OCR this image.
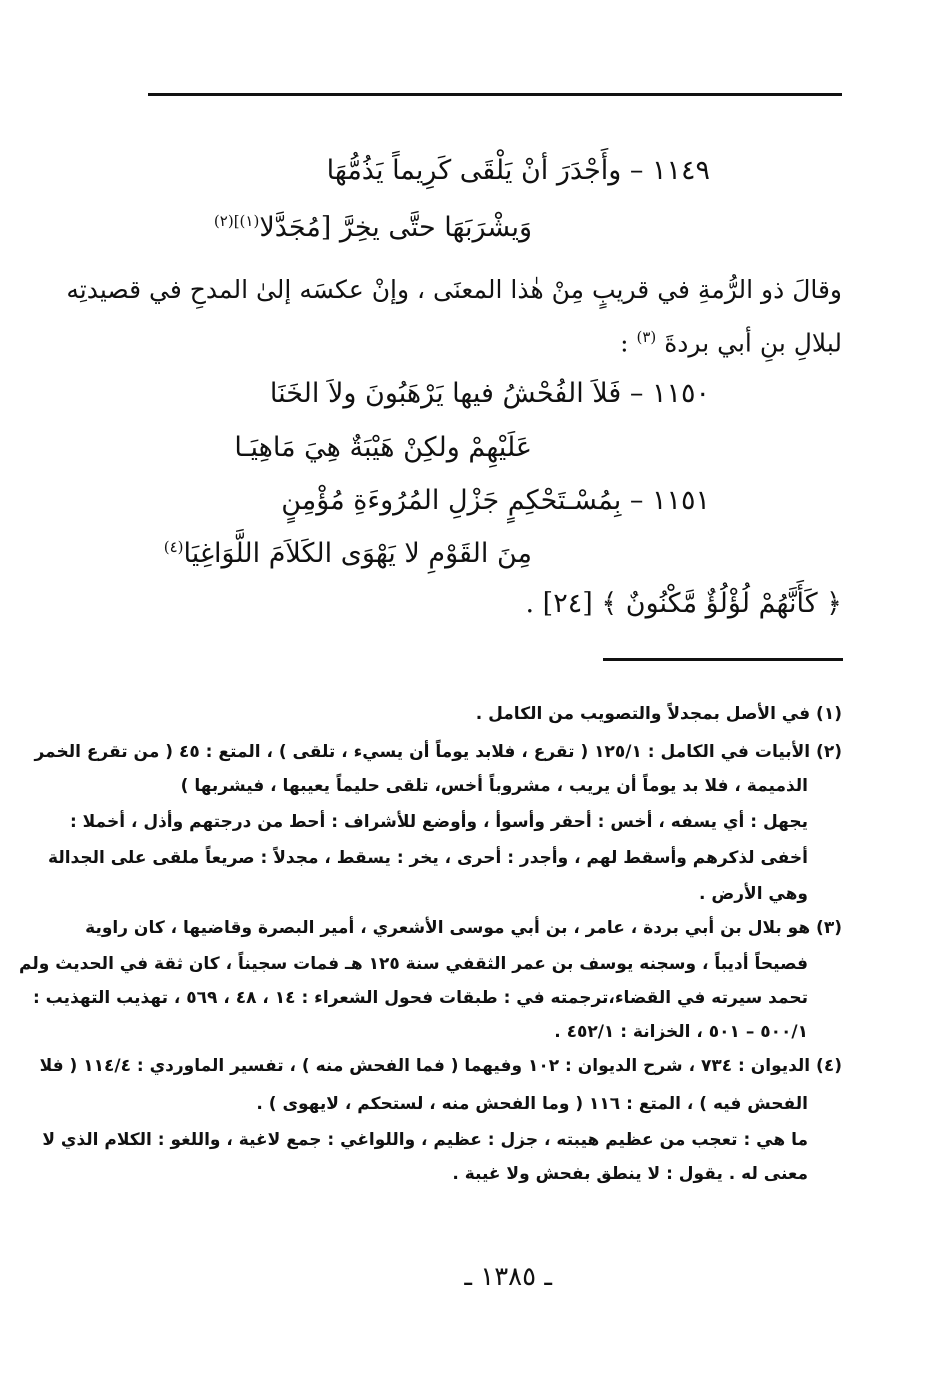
١١٤٩ – وأَجْدَرَ أنْ يَلْقَى كَرِيماً يَذُمُّهَا
وَيشْرَبَهَا حتَّى يخِرَّ [مُجَدَّلا$^{(١)](٢)}$
وقالَ ذو الرُّمةِ في قريبٍ مِنْ هٰذا المعنَى ، وإنْ عكسَه إلىٰ المدحِ في قصيدتِه
لبلالِ بنِ أبي بردةَ $^{(٣)}$ :
١١٥٠ – فَلاَ الفُحْشُ فيها يَرْهَبُونَ ولاَ الخَنَا
عَلَيْهِمْ ولكِنْ هَيْبَةٌ هِيَ مَاهِيَـا
١١٥١ – بِمُسْـتَحْكِمٍ جَزْلِ المُرُوءَةِ مُؤْمِنٍ
مِنَ القَوْمِ لا يَهْوَى الكَلاَمَ اللَّوَاغِيَا$^{(٤)}$
﴿ كَأَنَّهُمْ لُؤْلُؤٌ مَّكْنُونٌ ﴾ [٢٤] .
(١) في الأصل بمجدلاً والتصويب من الكامل .
(٢) الأبيات في الكامل : ١٢٥/١ ( تقرع ، فلابد يوماً أن يسيء ، تلقى ) ، المتع : ٤٥ ( من تقرع الخمر
الذميمة ، فلا بد يوماً أن يريب ، مشروباً أخس، تلقى حليماً يعيبها ، فيشربها )
يجهل : أي يسفه ، أخس : أحقر وأسوأ ، وأوضع للأشراف : أحط من درجتهم وأذل ، أخملا :
أخفى لذكرهم وأسقط لهم ، وأجدر : أحرى ، يخر : يسقط ، مجدلاً : صريعاً ملقى على الجدالة
وهي الأرض .
(٣) هو بلال بن أبي بردة ، عامر ، بن أبي موسى الأشعري ، أمير البصرة وقاضيها ، كان راوية
فصيحاً أديباً ، وسجنه يوسف بن عمر الثقفي سنة ١٢٥ هـ فمات سجيناً ، كان ثقة في الحديث ولم
تحمد سيرته في القضاء،ترجمته في : طبقات فحول الشعراء : ١٤ ، ٤٨ ، ٥٦٩ ، تهذيب التهذيب :
٥٠٠/١ – ٥٠١ ، الخزانة : ٤٥٢/١ .
(٤) الديوان : ٧٣٤ ، شرح الديوان : ١٠٢ وفيهما ( فما الفحش منه ) ، تفسير الماوردي : ١١٤/٤ ( فلا
الفحش فيه ) ، المتع : ١١٦ ( وما الفحش منه ، لستحكم ، لايهوى ) .
ما هي : تعجب من عظيم هيبته ، جزل : عظيم ، واللواغي : جمع لاغية ، واللغو : الكلام الذي لا
معنى له . يقول : لا ينطق بفحش ولا غيبة .
ـ ١٣٨٥ ـ
